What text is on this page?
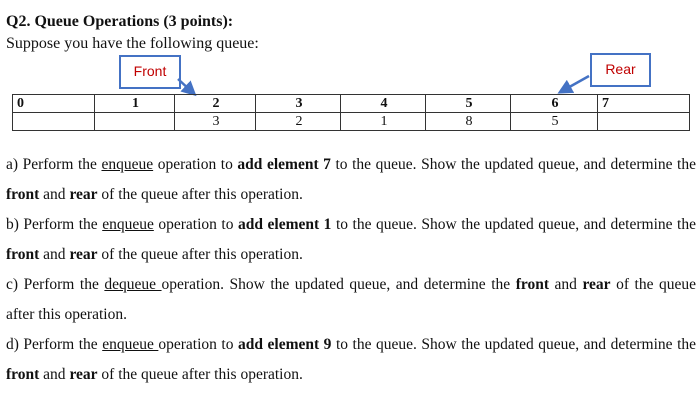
Q2. Queue Operations (3 points):
Suppose you have the following queue:
Front	Rear
0	1	2	3	4	5	6	7
		3	2	1	8	5	
a) Perform the enqueue operation to add element 7 to the queue. Show the updated queue, and determine the front and rear of the queue after this operation.
b) Perform the enqueue operation to add element 1 to the queue. Show the updated queue, and determine the front and rear of the queue after this operation.
c) Perform the dequeue operation. Show the updated queue, and determine the front and rear of the queue after this operation.
d) Perform the enqueue operation to add element 9 to the queue. Show the updated queue, and determine the front and rear of the queue after this operation.
